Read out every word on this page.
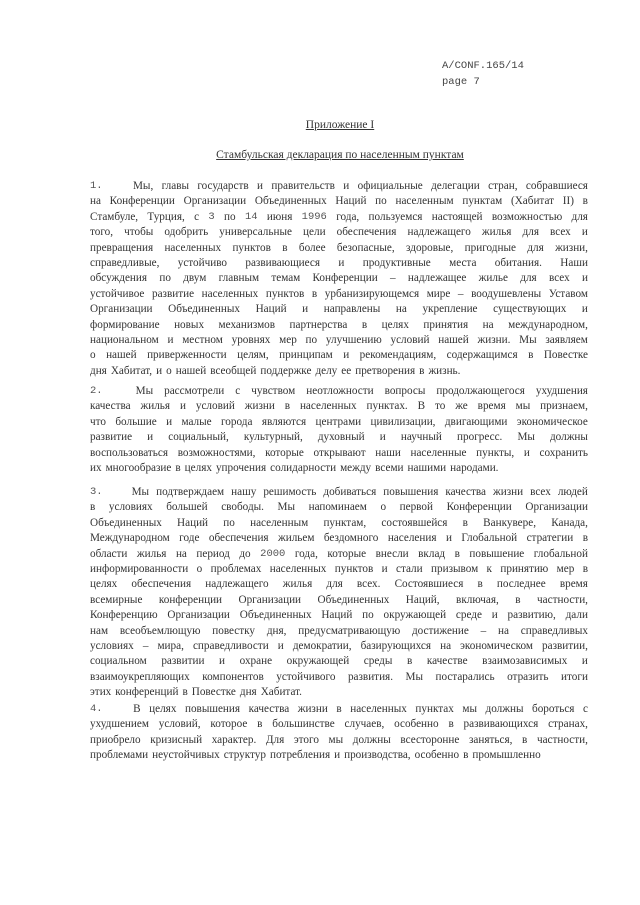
A/CONF.165/14
page 7
Приложение I
Стамбульская декларация по населенным пунктам
1.	Мы, главы государств и правительств и официальные делегации стран, собравшиеся
на Конференции Организации Объединенных Наций по населенным пунктам (Хабитат II) в
Стамбуле, Турция, с 3 по 14 июня 1996 года, пользуемся настоящей возможностью для
того, чтобы одобрить универсальные цели обеспечения надлежащего жилья для всех и
превращения населенных пунктов в более безопасные, здоровые, пригодные для жизни,
справедливые, устойчиво развивающиеся и продуктивные места обитания. Наши
обсуждения по двум главным темам Конференции – надлежащее жилье для всех и
устойчивое развитие населенных пунктов в урбанизирующемся мире – воодушевлены Уставом
Организации Объединенных Наций и направлены на укрепление существующих и
формирование новых механизмов партнерства в целях принятия на международном,
национальном и местном уровнях мер по улучшению условий нашей жизни. Мы заявляем
о нашей приверженности целям, принципам и рекомендациям, содержащимся в Повестке
дня Хабитат, и о нашей всеобщей поддержке делу ее претворения в жизнь.
2.	Мы рассмотрели с чувством неотложности вопросы продолжающегося ухудшения
качества жилья и условий жизни в населенных пунктах. В то же время мы признаем,
что большие и малые города являются центрами цивилизации, двигающими экономическое
развитие и социальный, культурный, духовный и научный прогресс. Мы должны
воспользоваться возможностями, которые открывают наши населенные пункты, и сохранить
их многообразие в целях упрочения солидарности между всеми нашими народами.
3.	Мы подтверждаем нашу решимость добиваться повышения качества жизни всех людей
в условиях большей свободы. Мы напоминаем о первой Конференции Организации
Объединенных Наций по населенным пунктам, состоявшейся в Ванкувере, Канада,
Международном годе обеспечения жильем бездомного населения и Глобальной стратегии в
области жилья на период до 2000 года, которые внесли вклад в повышение глобальной
информированности о проблемах населенных пунктов и стали призывом к принятию мер в
целях обеспечения надлежащего жилья для всех. Состоявшиеся в последнее время
всемирные конференции Организации Объединенных Наций, включая, в частности,
Конференцию Организации Объединенных Наций по окружающей среде и развитию, дали
нам всеобъемлющую повестку дня, предусматривающую достижение – на справедливых
условиях – мира, справедливости и демократии, базирующихся на экономическом развитии,
социальном развитии и охране окружающей среды в качестве взаимозависимых и
взаимоукрепляющих компонентов устойчивого развития. Мы постарались отразить итоги
этих конференций в Повестке дня Хабитат.
4.	В целях повышения качества жизни в населенных пунктах мы должны бороться с
ухудшением условий, которое в большинстве случаев, особенно в развивающихся странах,
приобрело кризисный характер. Для этого мы должны всесторонне заняться, в частности,
проблемами неустойчивых структур потребления и производства, особенно в промышленно
